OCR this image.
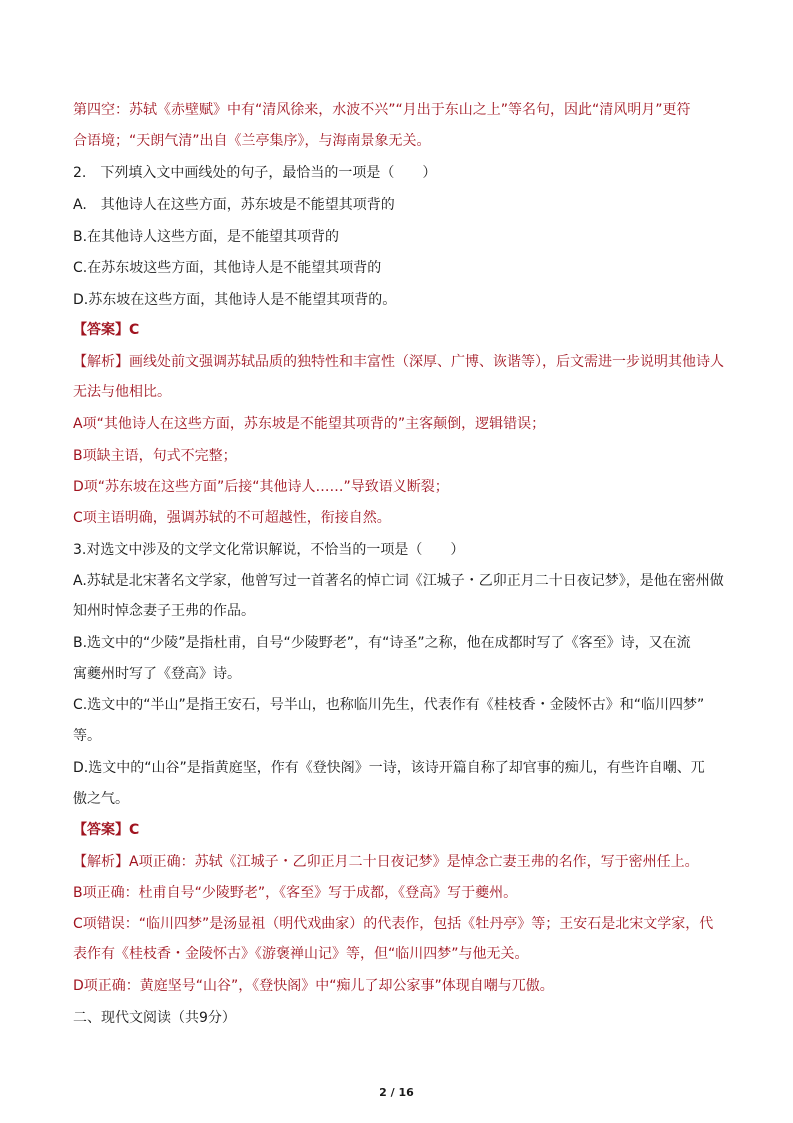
第四空：苏轼《赤壁赋》中有“清风徐来，水波不兴”“月出于东山之上”等名句，因此“清风明月”更符
合语境；“天朗气清”出自《兰亭集序》，与海南景象无关。
2.　下列填入文中画线处的句子，最恰当的一项是（　　）
A.　其他诗人在这些方面，苏东坡是不能望其项背的
B.在其他诗人这些方面，是不能望其项背的
C.在苏东坡这些方面，其他诗人是不能望其项背的
D.苏东坡在这些方面，其他诗人是不能望其项背的。
【答案】C
【解析】画线处前文强调苏轼品质的独特性和丰富性（深厚、广博、诙谐等），后文需进一步说明其他诗人
无法与他相比。
A项“其他诗人在这些方面，苏东坡是不能望其项背的”主客颠倒，逻辑错误；
B项缺主语，句式不完整；
D项“苏东坡在这些方面”后接“其他诗人……”导致语义断裂；
C项主语明确，强调苏轼的不可超越性，衔接自然。
3.对选文中涉及的文学文化常识解说，不恰当的一项是（　　）
A.苏轼是北宋著名文学家，他曾写过一首著名的悼亡词《江城子・乙卯正月二十日夜记梦》，是他在密州做
知州时悼念妻子王弗的作品。
B.选文中的“少陵”是指杜甫，自号“少陵野老”，有“诗圣”之称，他在成都时写了《客至》诗，又在流
寓夔州时写了《登高》诗。
C.选文中的“半山”是指王安石，号半山，也称临川先生，代表作有《桂枝香・金陵怀古》和“临川四梦”
等。
D.选文中的“山谷”是指黄庭坚，作有《登快阁》一诗，该诗开篇自称了却官事的痴儿，有些许自嘲、兀
傲之气。
【答案】C
【解析】A项正确：苏轼《江城子・乙卯正月二十日夜记梦》是悼念亡妻王弗的名作，写于密州任上。
B项正确：杜甫自号“少陵野老”，《客至》写于成都，《登高》写于夔州。
C项错误：“临川四梦”是汤显祖（明代戏曲家）的代表作，包括《牡丹亭》等；王安石是北宋文学家，代
表作有《桂枝香・金陵怀古》《游褒禅山记》等，但“临川四梦”与他无关。
D项正确：黄庭坚号“山谷”，《登快阁》中“痴儿了却公家事”体现自嘲与兀傲。
二、现代文阅读（共9分）
2 / 16
